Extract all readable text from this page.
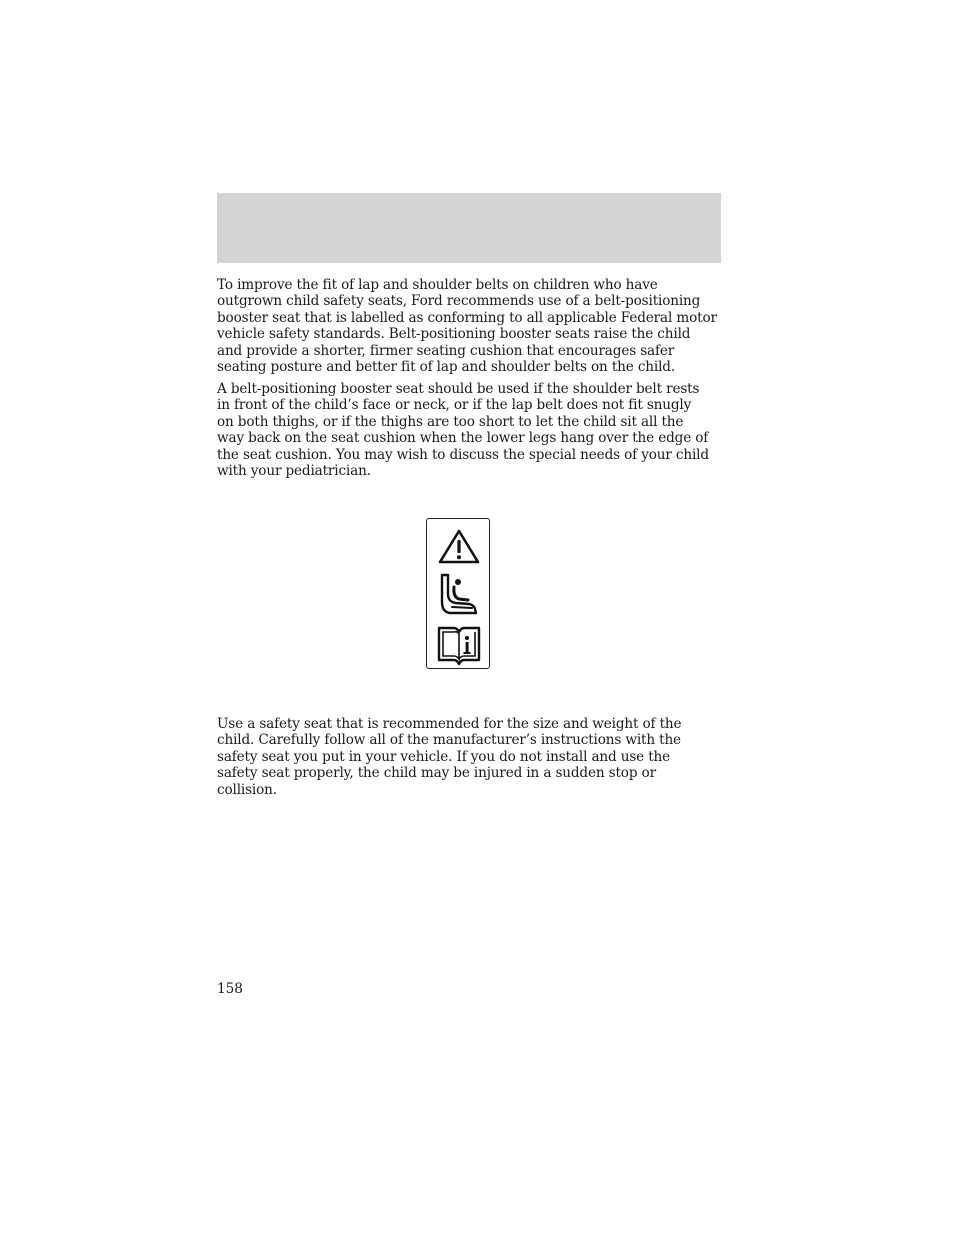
To improve the fit of lap and shoulder belts on children who have
outgrown child safety seats, Ford recommends use of a belt-positioning
booster seat that is labelled as conforming to all applicable Federal motor
vehicle safety standards. Belt-positioning booster seats raise the child
and provide a shorter, firmer seating cushion that encourages safer
seating posture and better fit of lap and shoulder belts on the child.

A belt-positioning booster seat should be used if the shoulder belt rests
in front of the child’s face or neck, or if the lap belt does not fit snugly
on both thighs, or if the thighs are too short to let the child sit all the
way back on the seat cushion when the lower legs hang over the edge of
the seat cushion. You may wish to discuss the special needs of your child
with your pediatrician.

Use a safety seat that is recommended for the size and weight of the
child. Carefully follow all of the manufacturer’s instructions with the
safety seat you put in your vehicle. If you do not install and use the
safety seat properly, the child may be injured in a sudden stop or
collision.

158
